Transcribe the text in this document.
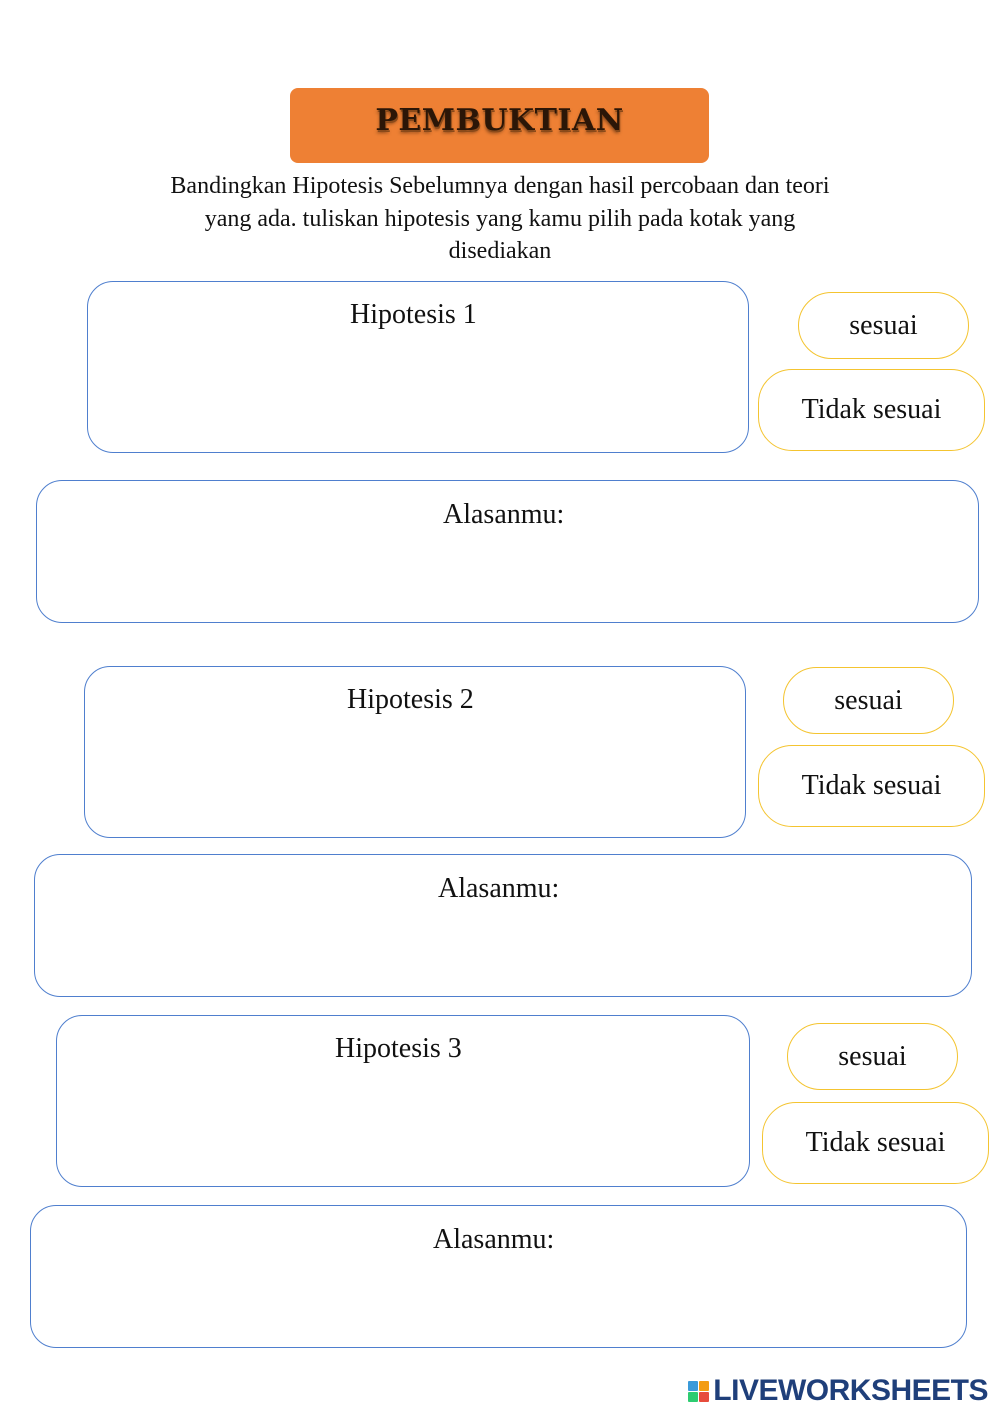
PEMBUKTIAN
Bandingkan Hipotesis Sebelumnya dengan hasil percobaan dan teori
yang ada. tuliskan hipotesis yang kamu pilih pada kotak yang
disediakan
Hipotesis 1	sesuai
Tidak sesuai
Alasanmu:
Hipotesis 2	sesuai
Tidak sesuai
Alasanmu:
Hipotesis 3	sesuai
Tidak sesuai
Alasanmu:
LIVEWORKSHEETS
